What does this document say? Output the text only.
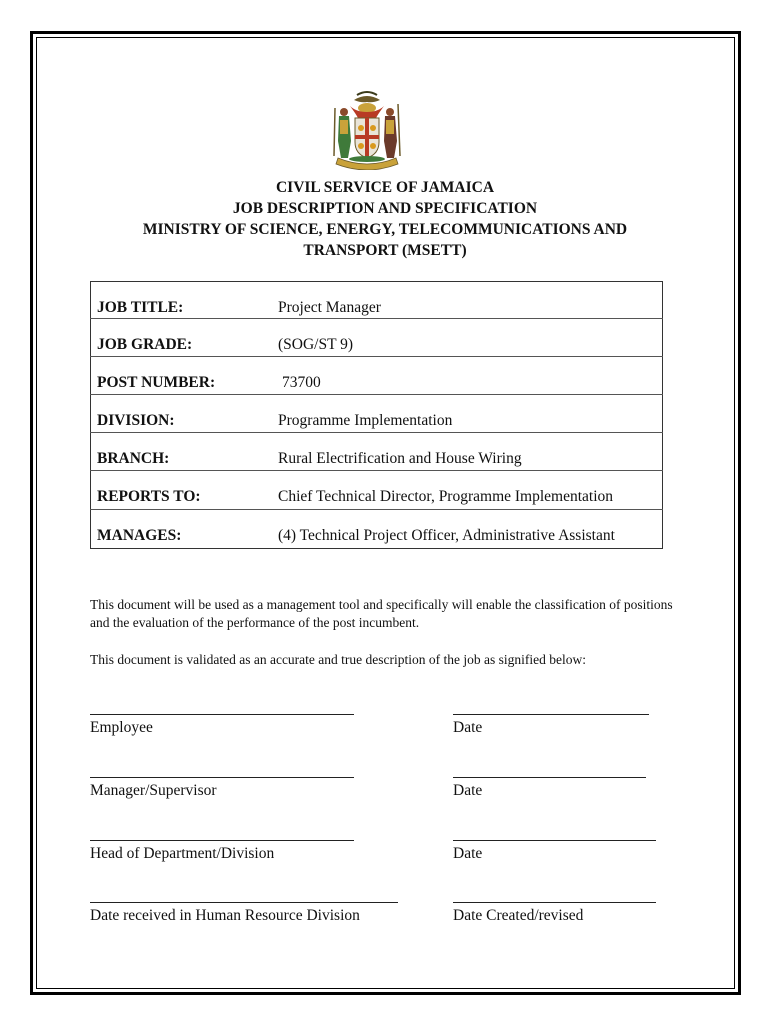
CIVIL SERVICE OF JAMAICA
JOB DESCRIPTION AND SPECIFICATION
MINISTRY OF SCIENCE, ENERGY, TELECOMMUNICATIONS AND
TRANSPORT (MSETT)
JOB TITLE:	Project Manager
JOB GRADE:	(SOG/ST 9)
POST NUMBER:	73700
DIVISION:	Programme Implementation
BRANCH:	Rural Electrification and House Wiring
REPORTS TO:	Chief Technical Director, Programme Implementation
MANAGES:	(4) Technical Project Officer, Administrative Assistant
This document will be used as a management tool and specifically will enable the classification of positions and the evaluation of the performance of the post incumbent.
This document is validated as an accurate and true description of the job as signified below:
Employee	Date
Manager/Supervisor	Date
Head of Department/Division	Date
Date received in Human Resource Division	Date Created/revised
